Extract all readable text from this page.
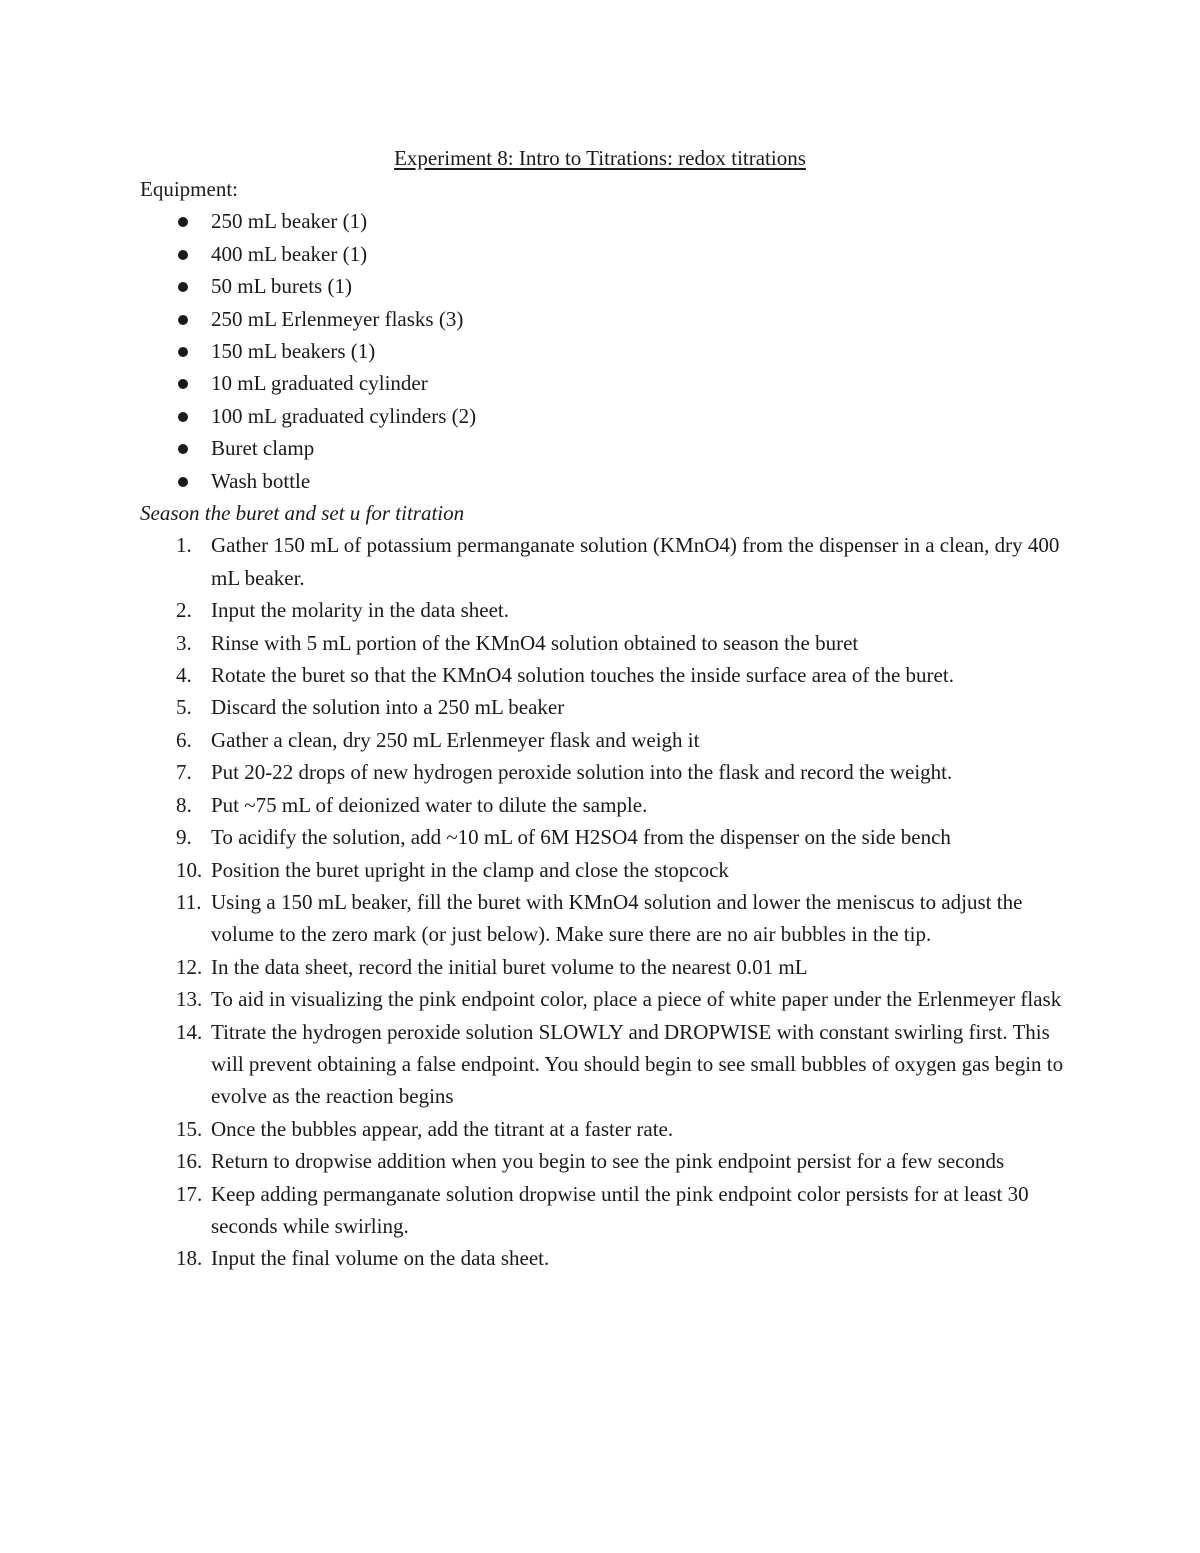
Experiment 8: Intro to Titrations: redox titrations
Equipment:
250 mL beaker (1)
400 mL beaker (1)
50 mL burets (1)
250 mL Erlenmeyer flasks (3)
150 mL beakers (1)
10 mL graduated cylinder
100 mL graduated cylinders (2)
Buret clamp
Wash bottle
Season the buret and set u for titration
1. Gather 150 mL of potassium permanganate solution (KMnO4) from the dispenser in a clean, dry 400 mL beaker.
2. Input the molarity in the data sheet.
3. Rinse with 5 mL portion of the KMnO4 solution obtained to season the buret
4. Rotate the buret so that the KMnO4 solution touches the inside surface area of the buret.
5. Discard the solution into a 250 mL beaker
6. Gather a clean, dry 250 mL Erlenmeyer flask and weigh it
7. Put 20-22 drops of new hydrogen peroxide solution into the flask and record the weight.
8. Put ~75 mL of deionized water to dilute the sample.
9. To acidify the solution, add ~10 mL of 6M H2SO4 from the dispenser on the side bench
10. Position the buret upright in the clamp and close the stopcock
11. Using a 150 mL beaker, fill the buret with KMnO4 solution and lower the meniscus to adjust the volume to the zero mark (or just below). Make sure there are no air bubbles in the tip.
12. In the data sheet, record the initial buret volume to the nearest 0.01 mL
13. To aid in visualizing the pink endpoint color, place a piece of white paper under the Erlenmeyer flask
14. Titrate the hydrogen peroxide solution SLOWLY and DROPWISE with constant swirling first. This will prevent obtaining a false endpoint. You should begin to see small bubbles of oxygen gas begin to evolve as the reaction begins
15. Once the bubbles appear, add the titrant at a faster rate.
16. Return to dropwise addition when you begin to see the pink endpoint persist for a few seconds
17. Keep adding permanganate solution dropwise until the pink endpoint color persists for at least 30 seconds while swirling.
18. Input the final volume on the data sheet.
